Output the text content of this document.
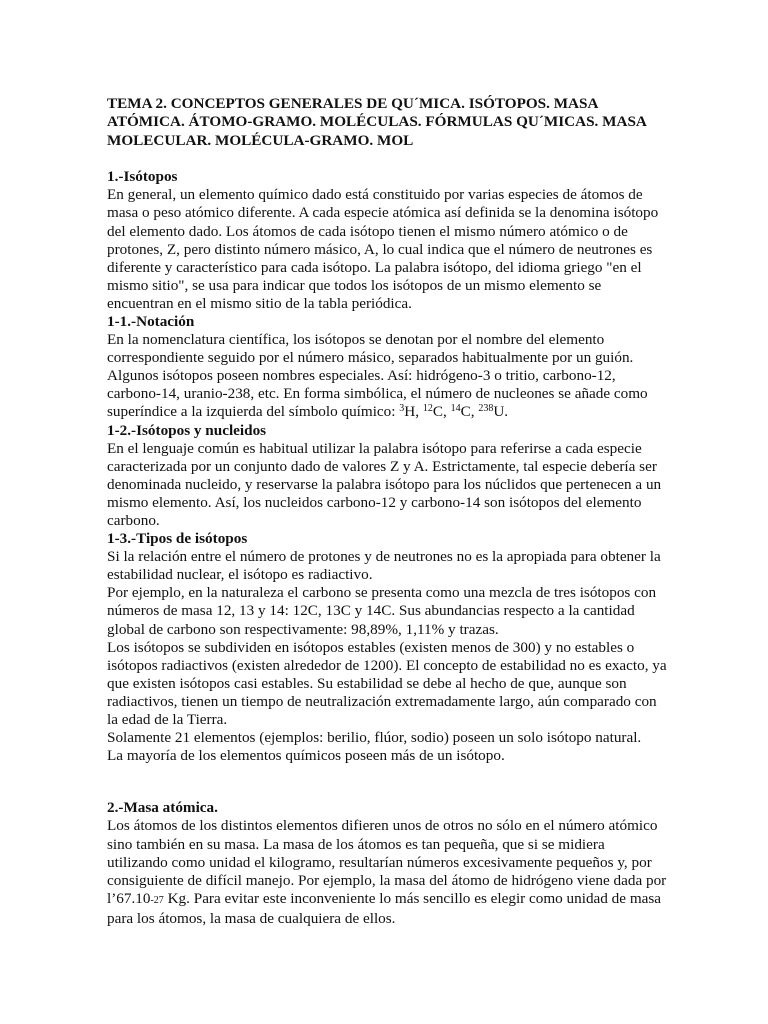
TEMA 2. CONCEPTOS GENERALES DE QU´MICA. ISÓTOPOS. MASA ATÓMICA. ÁTOMO-GRAMO. MOLÉCULAS. FÓRMULAS QU´MICAS. MASA MOLECULAR. MOLÉCULA-GRAMO. MOL

1.-Isótopos

En general, un elemento químico dado está constituido por varias especies de átomos de masa o peso atómico diferente. A cada especie atómica así definida se la denomina isótopo del elemento dado. Los átomos de cada isótopo tienen el mismo número atómico o de protones, Z, pero distinto número másico, A, lo cual indica que el número de neutrones es diferente y característico para cada isótopo. La palabra isótopo, del idioma griego "en el mismo sitio", se usa para indicar que todos los isótopos de un mismo elemento se encuentran en el mismo sitio de la tabla periódica.

1-1.-Notación

En la nomenclatura científica, los isótopos se denotan por el nombre del elemento correspondiente seguido por el número másico, separados habitualmente por un guión. Algunos isótopos poseen nombres especiales. Así: hidrógeno-3 o tritio, carbono-12, carbono-14, uranio-238, etc. En forma simbólica, el número de nucleones se añade como superíndice a la izquierda del símbolo químico: $^3$H, $^{12}$C, $^{14}$C, $^{238}$U.

1-2.-Isótopos y nucleidos

En el lenguaje común es habitual utilizar la palabra isótopo para referirse a cada especie caracterizada por un conjunto dado de valores Z y A. Estrictamente, tal especie debería ser denominada nucleido, y reservarse la palabra isótopo para los núclidos que pertenecen a un mismo elemento. Así, los nucleidos carbono-12 y carbono-14 son isótopos del elemento carbono.

1-3.-Tipos de isótopos

Si la relación entre el número de protones y de neutrones no es la apropiada para obtener la estabilidad nuclear, el isótopo es radiactivo.

Por ejemplo, en la naturaleza el carbono se presenta como una mezcla de tres isótopos con números de masa 12, 13 y 14: 12C, 13C y 14C. Sus abundancias respecto a la cantidad global de carbono son respectivamente: 98,89%, 1,11% y trazas.

Los isótopos se subdividen en isótopos estables (existen menos de 300) y no estables o isótopos radiactivos (existen alrededor de 1200). El concepto de estabilidad no es exacto, ya que existen isótopos casi estables. Su estabilidad se debe al hecho de que, aunque son radiactivos, tienen un tiempo de neutralización extremadamente largo, aún comparado con la edad de la Tierra.

Solamente 21 elementos (ejemplos: berilio, flúor, sodio) poseen un solo isótopo natural.

La mayoría de los elementos químicos poseen más de un isótopo.

2.-Masa atómica.

Los átomos de los distintos elementos difieren unos de otros no sólo en el número atómico sino también en su masa. La masa de los átomos es tan pequeña, que si se midiera utilizando como unidad el kilogramo, resultarían números excesivamente pequeños y, por consiguiente de difícil manejo. Por ejemplo, la masa del átomo de hidrógeno viene dada por l’67.10-27 Kg. Para evitar este inconveniente lo más sencillo es elegir como unidad de masa para los átomos, la masa de cualquiera de ellos.
